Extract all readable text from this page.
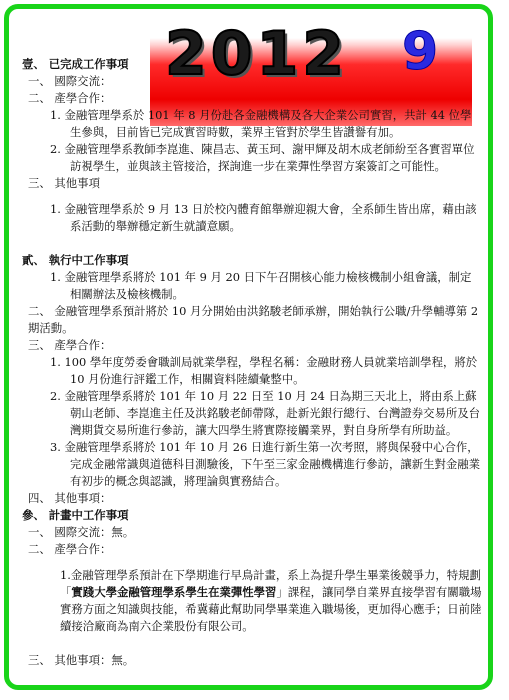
2012 9

壹、 已完成工作事項

一、 國際交流：

二、 產學合作：

1. 金融管理學系於 101 年 8 月份赴各金融機構及各大企業公司實習，共計 44 位學生參與，目前皆已完成實習時數，業界主管對於學生皆讚譽有加。

2. 金融管理學系教師李崑進、陳昌志、黃玉珂、謝甲輝及胡木成老師紛至各實習單位訪視學生，並與該主管接洽，探詢進一步在業彈性學習方案簽訂之可能性。

三、 其他事項

1. 金融管理學系於 9 月 13 日於校內體育館舉辦迎親大會，全系師生皆出席，藉由該系活動的舉辦穩定新生就讀意願。

貳、 執行中工作事項

1. 金融管理學系將於 101 年 9 月 20 日下午召開核心能力檢核機制小組會議，制定相關辦法及檢核機制。

二、 金融管理學系預計將於 10 月分開始由洪銘駿老師承辦，開始執行公職/升學輔導第 2 期活動。

三、 產學合作：

1. 100 學年度勞委會職訓局就業學程，學程名稱：金融財務人員就業培訓學程，將於 10 月份進行評鑑工作，相關資料陸續彙整中。

2. 金融管理學系將於 101 年 10 月 22 日至 10 月 24 日為期三天北上，將由系上蘇朝山老師、李崑進主任及洪銘駿老師帶隊，赴新光銀行總行、台灣證券交易所及台灣期貨交易所進行參訪，讓大四學生將實際接觸業界，對自身所學有所助益。

3. 金融管理學系將於 101 年 10 月 26 日進行新生第一次考照，將與保發中心合作，完成金融常識與道德科目測驗後，下午至三家金融機構進行參訪，讓新生對金融業有初步的概念與認識，將理論與實務結合。

四、 其他事項：

參、 計畫中工作事項

一、 國際交流：無。

二、 產學合作：

1.金融管理學系預計在下學期進行早鳥計畫，系上為提升學生畢業後競爭力，特規劃「實踐大學金融管理學系學生在業彈性學習」課程，讓同學自業界直接學習有關職場實務方面之知識與技能，希冀藉此幫助同學畢業進入職場後，更加得心應手；日前陸續接洽廠商為南六企業股份有限公司。

三、 其他事項：無。
